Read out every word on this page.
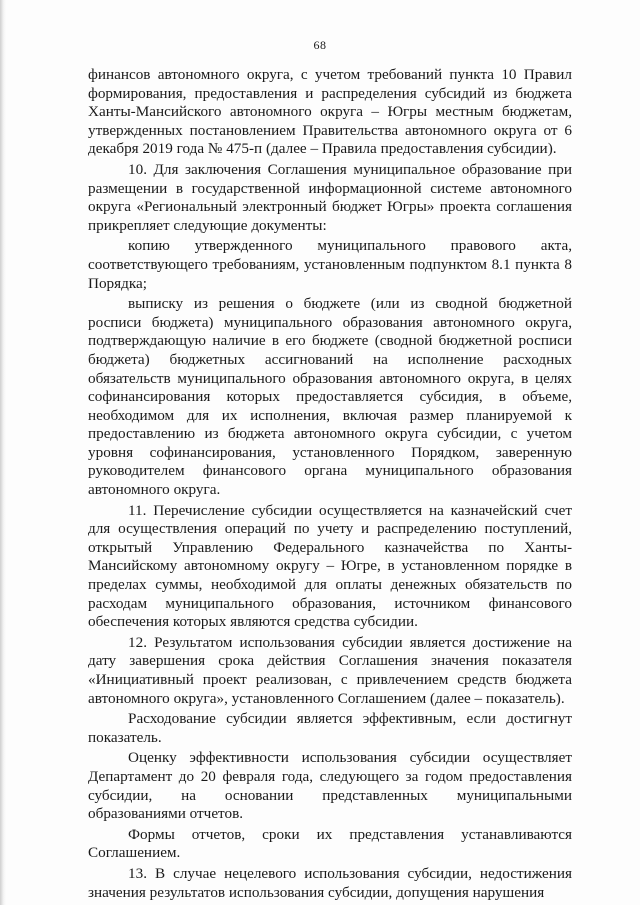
68

финансов автономного округа, с учетом требований пункта 10 Правил формирования, предоставления и распределения субсидий из бюджета Ханты-Мансийского автономного округа – Югры местным бюджетам, утвержденных постановлением Правительства автономного округа от 6 декабря 2019 года № 475-п (далее – Правила предоставления субсидии).

10. Для заключения Соглашения муниципальное образование при размещении в государственной информационной системе автономного округа «Региональный электронный бюджет Югры» проекта соглашения прикрепляет следующие документы:

копию утвержденного муниципального правового акта, соответствующего требованиям, установленным подпунктом 8.1 пункта 8 Порядка;

выписку из решения о бюджете (или из сводной бюджетной росписи бюджета) муниципального образования автономного округа, подтверждающую наличие в его бюджете (сводной бюджетной росписи бюджета) бюджетных ассигнований на исполнение расходных обязательств муниципального образования автономного округа, в целях софинансирования которых предоставляется субсидия, в объеме, необходимом для их исполнения, включая размер планируемой к предоставлению из бюджета автономного округа субсидии, с учетом уровня софинансирования, установленного Порядком, заверенную руководителем финансового органа муниципального образования автономного округа.

11. Перечисление субсидии осуществляется на казначейский счет для осуществления операций по учету и распределению поступлений, открытый Управлению Федерального казначейства по Ханты-Мансийскому автономному округу – Югре, в установленном порядке в пределах суммы, необходимой для оплаты денежных обязательств по расходам муниципального образования, источником финансового обеспечения которых являются средства субсидии.

12. Результатом использования субсидии является достижение на дату завершения срока действия Соглашения значения показателя «Инициативный проект реализован, с привлечением средств бюджета автономного округа», установленного Соглашением (далее – показатель).

Расходование субсидии является эффективным, если достигнут показатель.

Оценку эффективности использования субсидии осуществляет Департамент до 20 февраля года, следующего за годом предоставления субсидии, на основании представленных муниципальными образованиями отчетов.

Формы отчетов, сроки их представления устанавливаются Соглашением.

13. В случае нецелевого использования субсидии, недостижения значения результатов использования субсидии, допущения нарушения
